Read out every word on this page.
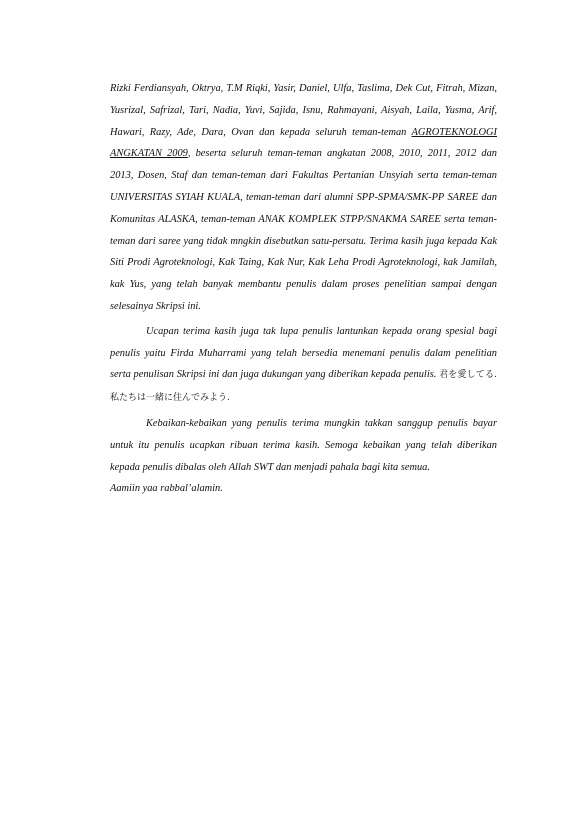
Rizki Ferdiansyah, Oktrya, T.M Riqki, Yasir, Daniel, Ulfa, Taslima, Dek Cut, Fitrah, Mizan, Yusrizal, Safrizal, Tari, Nadia, Yuvi, Sajida, Isnu, Rahmayani, Aisyah, Laila, Yusma, Arif, Hawari, Razy, Ade, Dara, Ovan dan kepada seluruh teman-teman AGROTEKNOLOGI ANGKATAN 2009, beserta seluruh teman-teman angkatan 2008, 2010, 2011, 2012 dan 2013, Dosen, Staf dan teman-teman dari Fakultas Pertanian Unsyiah serta teman-teman UNIVERSITAS SYIAH KUALA, teman-teman dari alumni SPP-SPMA/SMK-PP SAREE dan Komunitas ALASKA, teman-teman ANAK KOMPLEK STPP/SNAKMA SAREE serta teman-teman dari saree yang tidak mngkin disebutkan satu-persatu. Terima kasih juga kepada Kak Siti Prodi Agroteknologi, Kak Taing, Kak Nur, Kak Leha Prodi Agroteknologi, kak Jamilah, kak Yus, yang telah banyak membantu penulis dalam proses penelitian sampai dengan selesainya Skripsi ini.

Ucapan terima kasih juga tak lupa penulis lantunkan kepada orang spesial bagi penulis yaitu Firda Muharrami yang telah bersedia menemani penulis dalam penelitian serta penulisan Skripsi ini dan juga dukungan yang diberikan kepada penulis. 君を愛してる. 私たちは一緒に住んでみよう.

Kebaikan-kebaikan yang penulis terima mungkin takkan sanggup penulis bayar untuk itu penulis ucapkan ribuan terima kasih. Semoga kebaikan yang telah diberikan kepada penulis dibalas oleh Allah SWT dan menjadi pahala bagi kita semua.

Aamiin yaa rabbal’alamin.
